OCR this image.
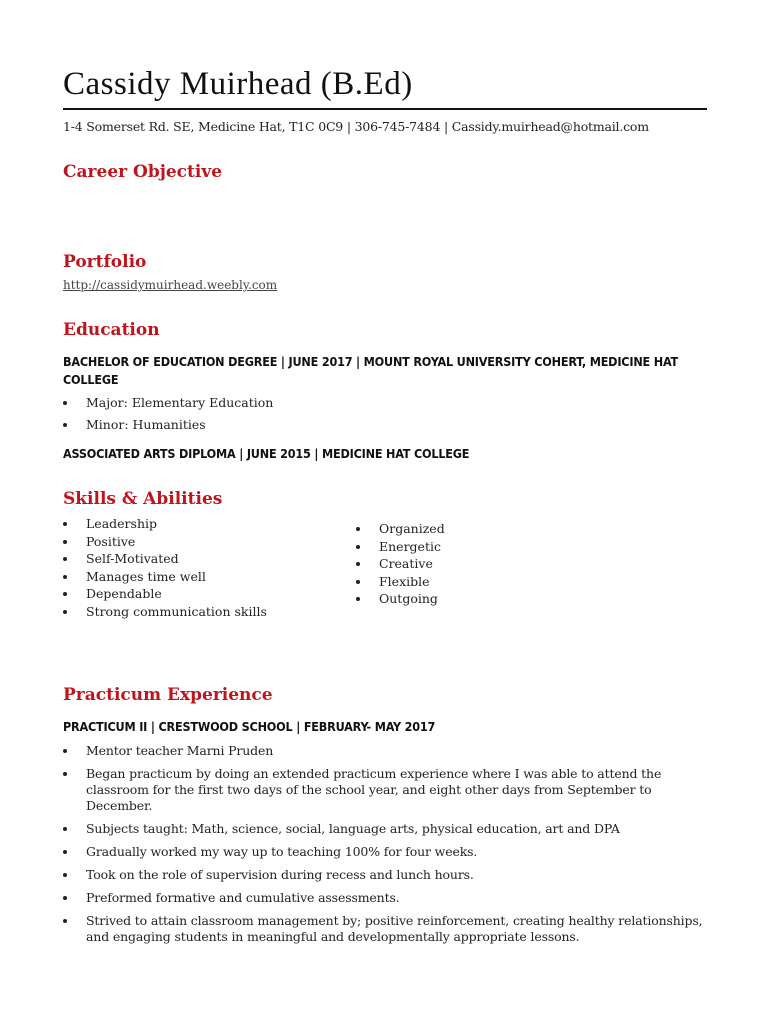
Cassidy Muirhead (B.Ed)
1-4 Somerset Rd. SE, Medicine Hat, T1C 0C9 | 306-745-7484 | Cassidy.muirhead@hotmail.com
Career Objective
Portfolio
http://cassidymuirhead.weebly.com
Education
BACHELOR OF EDUCATION DEGREE | JUNE 2017 | MOUNT ROYAL UNIVERSITY COHERT, MEDICINE HAT COLLEGE
Major: Elementary Education
Minor: Humanities
ASSOCIATED ARTS DIPLOMA | JUNE 2015 | MEDICINE HAT COLLEGE
Skills & Abilities
Leadership
Positive
Self-Motivated
Manages time well
Dependable
Strong communication skills
Organized
Energetic
Creative
Flexible
Outgoing
Practicum Experience
PRACTICUM II | CRESTWOOD SCHOOL | FEBRUARY- MAY 2017
Mentor teacher Marni Pruden
Began practicum by doing an extended practicum experience where I was able to attend the classroom for the first two days of the school year, and eight other days from September to December.
Subjects taught: Math, science, social, language arts, physical education, art and DPA
Gradually worked my way up to teaching 100% for four weeks.
Took on the role of supervision during recess and lunch hours.
Preformed formative and cumulative assessments.
Strived to attain classroom management by; positive reinforcement, creating healthy relationships, and engaging students in meaningful and developmentally appropriate lessons.
